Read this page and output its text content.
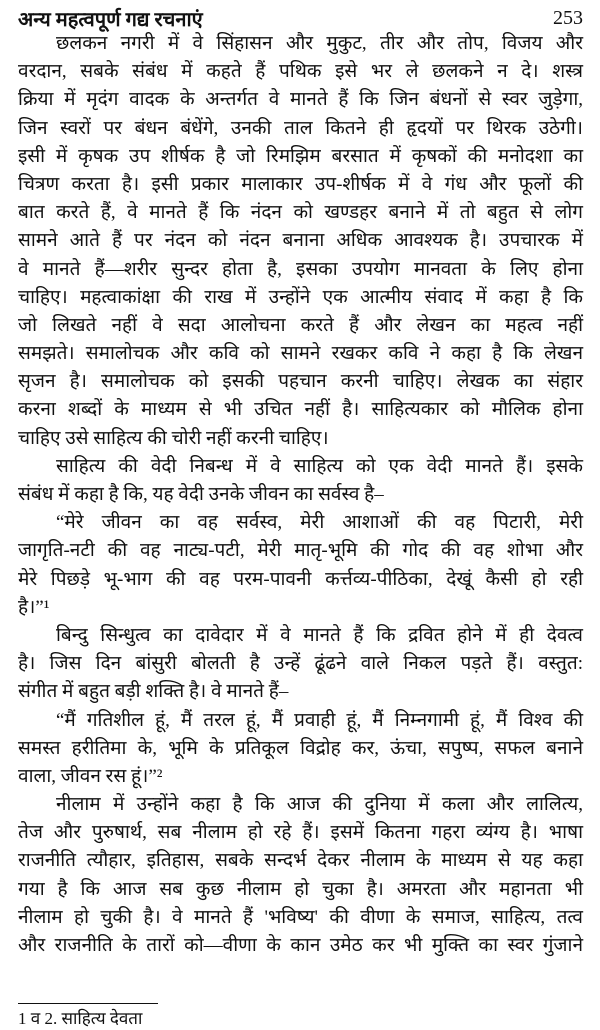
अन्य महत्वपूर्ण गद्य रचनाएं	253
छलकन नगरी में वे सिंहासन और मुकुट, तीर और तोप, विजय और
वरदान, सबके संबंध में कहते हैं पथिक इसे भर ले छलकने न दे। शस्त्र
क्रिया में मृदंग वादक के अन्तर्गत वे मानते हैं कि जिन बंधनों से स्वर जुड़ेगा,
जिन स्वरों पर बंधन बंधेंगे, उनकी ताल कितने ही हृदयों पर थिरक उठेगी।
इसी में कृषक उप शीर्षक है जो रिमझिम बरसात में कृषकों की मनोदशा का
चित्रण करता है। इसी प्रकार मालाकार उप-शीर्षक में वे गंध और फूलों की
बात करते हैं, वे मानते हैं कि नंदन को खण्डहर बनाने में तो बहुत से लोग
सामने आते हैं पर नंदन को नंदन बनाना अधिक आवश्यक है। उपचारक में
वे मानते हैं—शरीर सुन्दर होता है, इसका उपयोग मानवता के लिए होना
चाहिए। महत्वाकांक्षा की राख में उन्होंने एक आत्मीय संवाद में कहा है कि
जो लिखते नहीं वे सदा आलोचना करते हैं और लेखन का महत्व नहीं
समझते। समालोचक और कवि को सामने रखकर कवि ने कहा है कि लेखन
सृजन है। समालोचक को इसकी पहचान करनी चाहिए। लेखक का संहार
करना शब्दों के माध्यम से भी उचित नहीं है। साहित्यकार को मौलिक होना
चाहिए उसे साहित्य की चोरी नहीं करनी चाहिए।
साहित्य की वेदी निबन्ध में वे साहित्य को एक वेदी मानते हैं। इसके
संबंध में कहा है कि, यह वेदी उनके जीवन का सर्वस्व है–
“मेरे जीवन का वह सर्वस्व, मेरी आशाओं की वह पिटारी, मेरी
जागृति-नटी की वह नाट्य-पटी, मेरी मातृ-भूमि की गोद की वह शोभा और
मेरे पिछड़े भू-भाग की वह परम-पावनी कर्त्तव्य-पीठिका, देखूं कैसी हो रही
है।”¹
बिन्दु सिन्धुत्व का दावेदार में वे मानते हैं कि द्रवित होने में ही देवत्व
है। जिस दिन बांसुरी बोलती है उन्हें ढूंढने वाले निकल पड़ते हैं। वस्तुत:
संगीत में बहुत बड़ी शक्ति है। वे मानते हैं–
“मैं गतिशील हूं, मैं तरल हूं, मैं प्रवाही हूं, मैं निम्नगामी हूं, मैं विश्व की
समस्त हरीतिमा के, भूमि के प्रतिकूल विद्रोह कर, ऊंचा, सपुष्प, सफल बनाने
वाला, जीवन रस हूं।”²
नीलाम में उन्होंने कहा है कि आज की दुनिया में कला और लालित्य,
तेज और पुरुषार्थ, सब नीलाम हो रहे हैं। इसमें कितना गहरा व्यंग्य है। भाषा
राजनीति त्यौहार, इतिहास, सबके सन्दर्भ देकर नीलाम के माध्यम से यह कहा
गया है कि आज सब कुछ नीलाम हो चुका है। अमरता और महानता भी
नीलाम हो चुकी है। वे मानते हैं 'भविष्य' की वीणा के समाज, साहित्य, तत्व
और राजनीति के तारों को—वीणा के कान उमेठ कर भी मुक्ति का स्वर गुंजाने
1 व 2. साहित्य देवता
